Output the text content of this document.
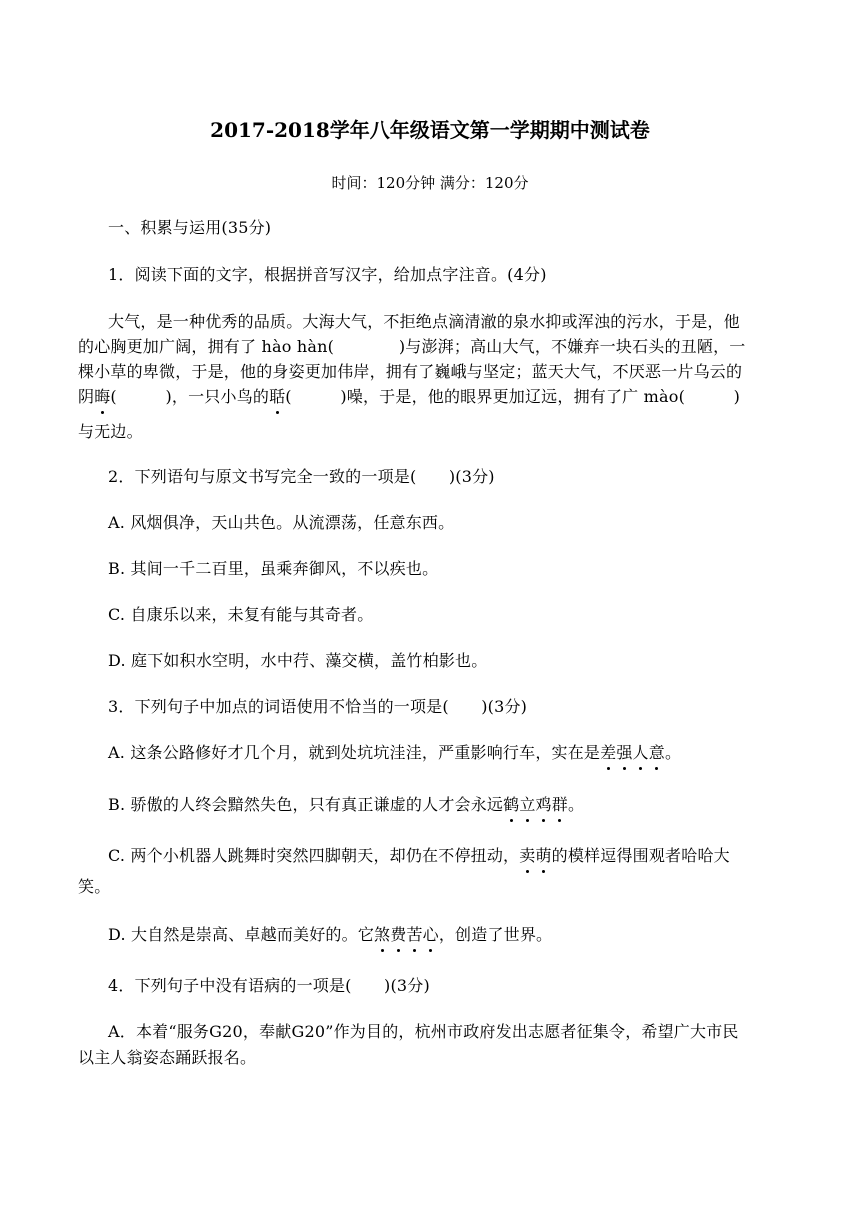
2017-2018学年八年级语文第一学期期中测试卷
时间：120分钟 满分：120分
一、积累与运用(35分)
1．阅读下面的文字，根据拼音写汉字，给加点字注音。(4分)
大气，是一种优秀的品质。大海大气，不拒绝点滴清澈的泉水抑或浑浊的污水，于是，他
的心胸更加广阔，拥有了 hào hàn(　　　　)与澎湃；高山大气，不嫌弃一块石头的丑陋，一
棵小草的卑微，于是，他的身姿更加伟岸，拥有了巍峨与坚定；蓝天大气，不厌恶一片乌云的
阴晦(　　　)，一只小鸟的聒(　　　)噪，于是，他的眼界更加辽远，拥有了广 mào(　　　)
与无边。
2．下列语句与原文书写完全一致的一项是(　　)(3分)
A. 风烟俱净，天山共色。从流漂荡，任意东西。
B. 其间一千二百里，虽乘奔御风，不以疾也。
C. 自康乐以来，未复有能与其奇者。
D. 庭下如积水空明，水中荇、藻交横，盖竹柏影也。
3．下列句子中加点的词语使用不恰当的一项是(　　)(3分)
A. 这条公路修好才几个月，就到处坑坑洼洼，严重影响行车，实在是差强人意。
B. 骄傲的人终会黯然失色，只有真正谦虚的人才会永远鹤立鸡群。
C. 两个小机器人跳舞时突然四脚朝天，却仍在不停扭动，卖萌的模样逗得围观者哈哈大
笑。
D. 大自然是崇高、卓越而美好的。它煞费苦心，创造了世界。
4．下列句子中没有语病的一项是(　　)(3分)
A．本着“服务G20，奉献G20”作为目的，杭州市政府发出志愿者征集令，希望广大市民
以主人翁姿态踊跃报名。
